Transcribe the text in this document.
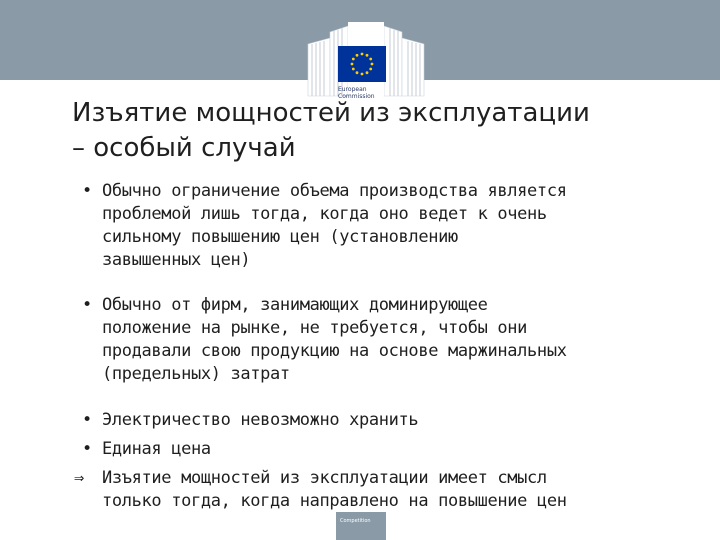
European
Commission
Изъятие мощностей из эксплуатации
– особый случай
• Обычно ограничение объема производства является
проблемой лишь тогда, когда оно ведет к очень
сильному повышению цен (установлению
завышенных цен)
• Обычно от фирм, занимающих доминирующее
положение на рынке, не требуется, чтобы они
продавали свою продукцию на основе маржинальных
(предельных) затрат
• Электричество невозможно хранить
• Единая цена
⇒ Изъятие мощностей из эксплуатации имеет смысл
только тогда, когда направлено на повышение цен
Competition
